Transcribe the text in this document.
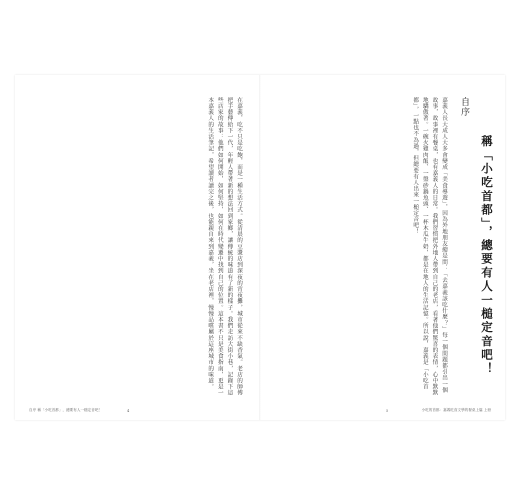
在嘉義，吃不只是吃飽，而是一種生活方式。從清晨的豆漿店到深夜的宵夜攤，城市從來不缺香氣。老店的師傅把手藝傳給下一代，年輕人帶著新的想法回到家鄉，讓傳統的味道有了新的樣子。我們走訪大街小巷，記錄下這些店家的故事：他們如何開始，如何堅持，如何在時代變遷中找到自己的位置。這本書不只是美食指南，更是一本嘉義人的生活筆記，希望讀者讀完之後，也能親自來到嘉義，坐在老店裡，慢慢品嚐屬於這座城市的味道。
自序 稱「小吃首都」，總要有人一槌定音吧！	4
自序
稱「小吃首都」，總要有人一槌定音吧！
嘉義人長大成人大多會變成「美食導遊」，因為外地朋友總是問：「去嘉義該吃什麼？」每一個問題都引出一個故事，故事裡有餐桌，也有嘉義人的日常。我們習慣把外地人帶到自己的老店，看著他們驚喜的表情，心中默默地驕傲著。一碗火雞肉飯、一盤砂鍋魚頭、一杯木瓜牛奶，都是在地人的生活記憶。所以說，嘉義是「小吃首都」，一點也不為過，但總要有人出來一槌定音吧！
5	小吃的首都：嘉義吃食文學的餐桌上篇 上冊
